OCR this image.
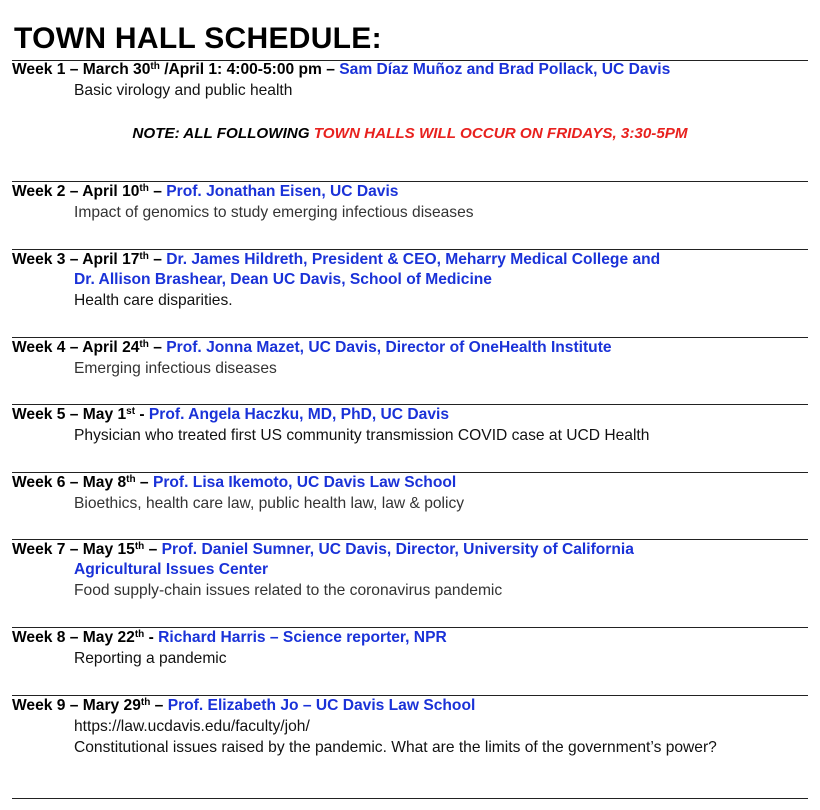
TOWN HALL SCHEDULE:
Week 1 – March 30th /April 1: 4:00-5:00 pm – Sam Díaz Muñoz and Brad Pollack, UC Davis
Basic virology and public health
NOTE: ALL FOLLOWING TOWN HALLS WILL OCCUR ON FRIDAYS, 3:30-5PM
Week 2 – April 10th – Prof. Jonathan Eisen, UC Davis
Impact of genomics to study emerging infectious diseases
Week 3 – April 17th – Dr. James Hildreth, President & CEO, Meharry Medical College and
Dr. Allison Brashear, Dean UC Davis, School of Medicine
Health care disparities.
Week 4 – April 24th – Prof. Jonna Mazet, UC Davis, Director of OneHealth Institute
Emerging infectious diseases
Week 5 – May 1st - Prof. Angela Haczku, MD, PhD, UC Davis
Physician who treated first US community transmission COVID case at UCD Health
Week 6 – May 8th – Prof. Lisa Ikemoto, UC Davis Law School
Bioethics, health care law, public health law, law & policy
Week 7 – May 15th – Prof. Daniel Sumner, UC Davis, Director, University of California
Agricultural Issues Center
Food supply-chain issues related to the coronavirus pandemic
Week 8 – May 22th - Richard Harris – Science reporter, NPR
Reporting a pandemic
Week 9 – Mary 29th – Prof. Elizabeth Jo – UC Davis Law School
https://law.ucdavis.edu/faculty/joh/
Constitutional issues raised by the pandemic. What are the limits of the government’s power?
